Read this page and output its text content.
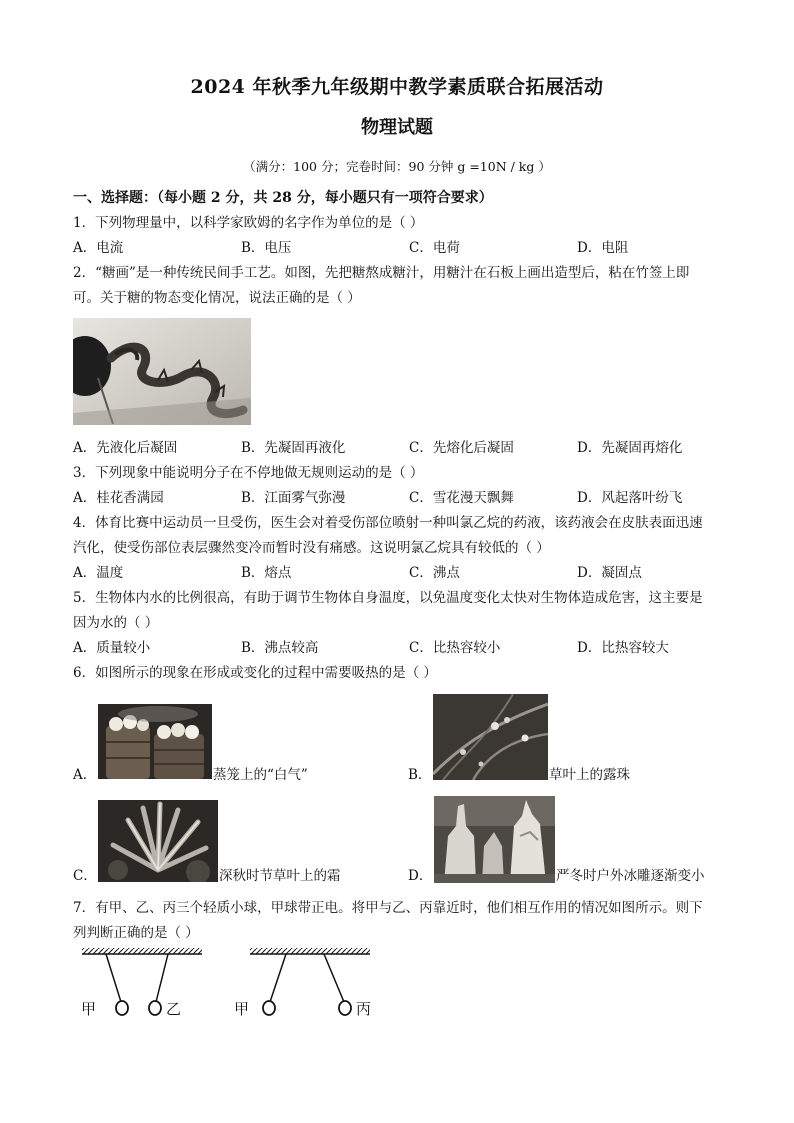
2024 年秋季九年级期中教学素质联合拓展活动
物理试题
（满分：100 分；完卷时间：90 分钟 g =10N / kg ）
一、选择题：（每小题 2 分，共 28 分，每小题只有一项符合要求）
1．下列物理量中，以科学家欧姆的名字作为单位的是（ ）
A．电流	B．电压	C．电荷	D．电阻
2．“糖画”是一种传统民间手工艺。如图，先把糖熬成糖汁，用糖汁在石板上画出造型后，粘在竹签上即
可。关于糖的物态变化情况，说法正确的是（ ）
A．先液化后凝固	B．先凝固再液化	C．先熔化后凝固	D．先凝固再熔化
3．下列现象中能说明分子在不停地做无规则运动的是（ ）
A．桂花香满园	B．江面雾气弥漫	C．雪花漫天飘舞	D．风起落叶纷飞
4．体育比赛中运动员一旦受伤，医生会对着受伤部位喷射一种叫氯乙烷的药液，该药液会在皮肤表面迅速
汽化，使受伤部位表层骤然变冷而暂时没有痛感。这说明氯乙烷具有较低的（ ）
A．温度	B．熔点	C．沸点	D．凝固点
5．生物体内水的比例很高，有助于调节生物体自身温度，以免温度变化太快对生物体造成危害，这主要是
因为水的（ ）
A．质量较小	B．沸点较高	C．比热容较小	D．比热容较大
6．如图所示的现象在形成或变化的过程中需要吸热的是（ ）
A．	蒸笼上的“白气”	B．	草叶上的露珠
C．	深秋时节草叶上的霜	D．	严冬时户外冰雕逐渐变小
7．有甲、乙、丙三个轻质小球，甲球带正电。将甲与乙、丙靠近时，他们相互作用的情况如图所示。则下
列判断正确的是（ ）
甲	乙	甲	丙
